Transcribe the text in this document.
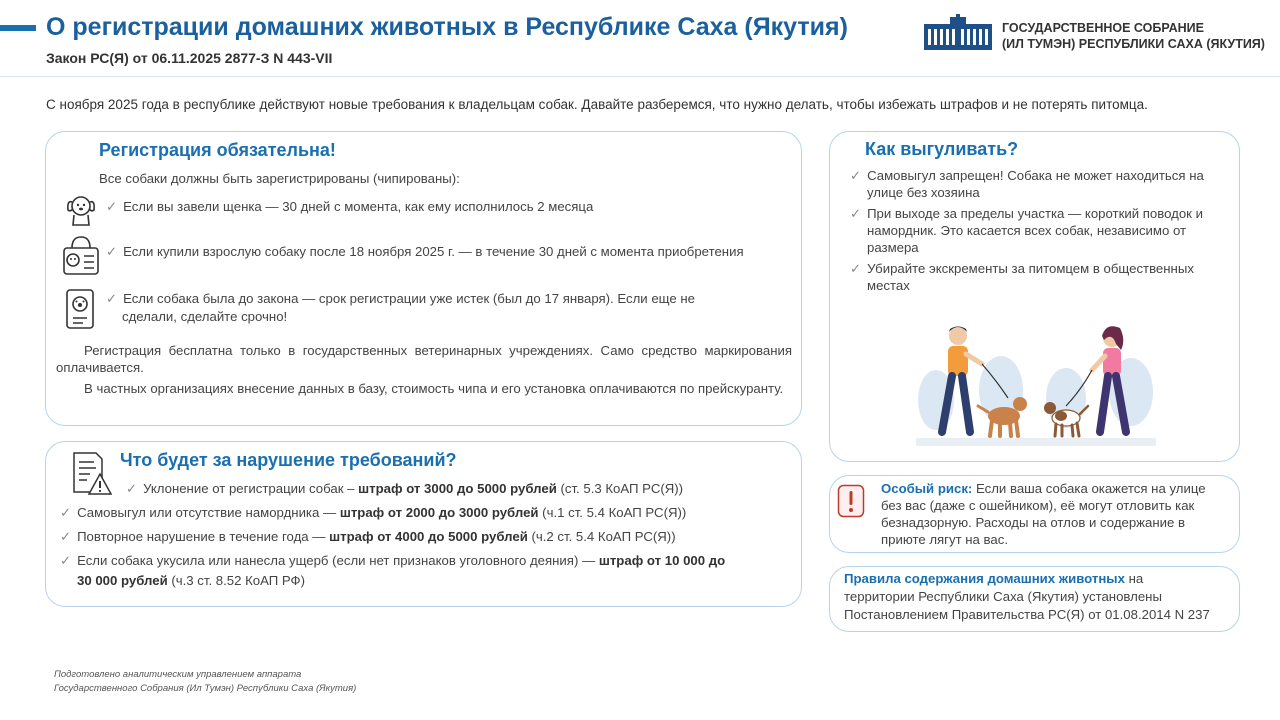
О регистрации домашних животных в Республике Саха (Якутия)
Закон РС(Я) от 06.11.2025 2877-З N 443-VII
ГОСУДАРСТВЕННОЕ СОБРАНИЕ
(ИЛ ТУМЭН) РЕСПУБЛИКИ САХА (ЯКУТИЯ)
С ноября 2025 года в республике действуют новые требования к владельцам собак. Давайте разберемся, что нужно делать, чтобы избежать штрафов и не потерять питомца.
Регистрация обязательна!
Все собаки должны быть зарегистрированы (чипированы):
✓ Если вы завели щенка — 30 дней с момента, как ему исполнилось 2 месяца
✓ Если купили взрослую собаку после 18 ноября 2025 г. — в течение 30 дней с момента приобретения
✓ Если собака была до закона — срок регистрации уже истек (был до 17 января). Если еще не
сделали, сделайте срочно!
Регистрация бесплатна только в государственных ветеринарных учреждениях. Само средство маркирования оплачивается.
В частных организациях внесение данных в базу, стоимость чипа и его установка оплачиваются по прейскуранту.
Что будет за нарушение требований?
✓ Уклонение от регистрации собак – штраф от 3000 до 5000 рублей (ст. 5.3 КоАП РС(Я))
✓ Самовыгул или отсутствие намордника — штраф от 2000 до 3000 рублей (ч.1 ст. 5.4 КоАП РС(Я))
✓ Повторное нарушение в течение года — штраф от 4000 до 5000 рублей (ч.2 ст. 5.4 КоАП РС(Я))
✓ Если собака укусила или нанесла ущерб (если нет признаков уголовного деяния) — штраф от 10 000 до
30 000 рублей (ч.3 ст. 8.52 КоАП РФ)
Как выгуливать?
✓ Самовыгул запрещен! Собака не может находиться на
улице без хозяина
✓ При выходе за пределы участка — короткий поводок и
намордник. Это касается всех собак, независимо от
размера
✓ Убирайте экскременты за питомцем в общественных
местах
Особый риск: Если ваша собака окажется на улице
без вас (даже с ошейником), её могут отловить как
безнадзорную. Расходы на отлов и содержание в
приюте лягут на вас.
Правила содержания домашних животных на
территории Республики Саха (Якутия) установлены
Постановлением Правительства РС(Я) от 01.08.2014 N 237
Подготовлено аналитическим управлением аппарата
Государственного Собрания (Ил Тумэн) Республики Саха (Якутия)
